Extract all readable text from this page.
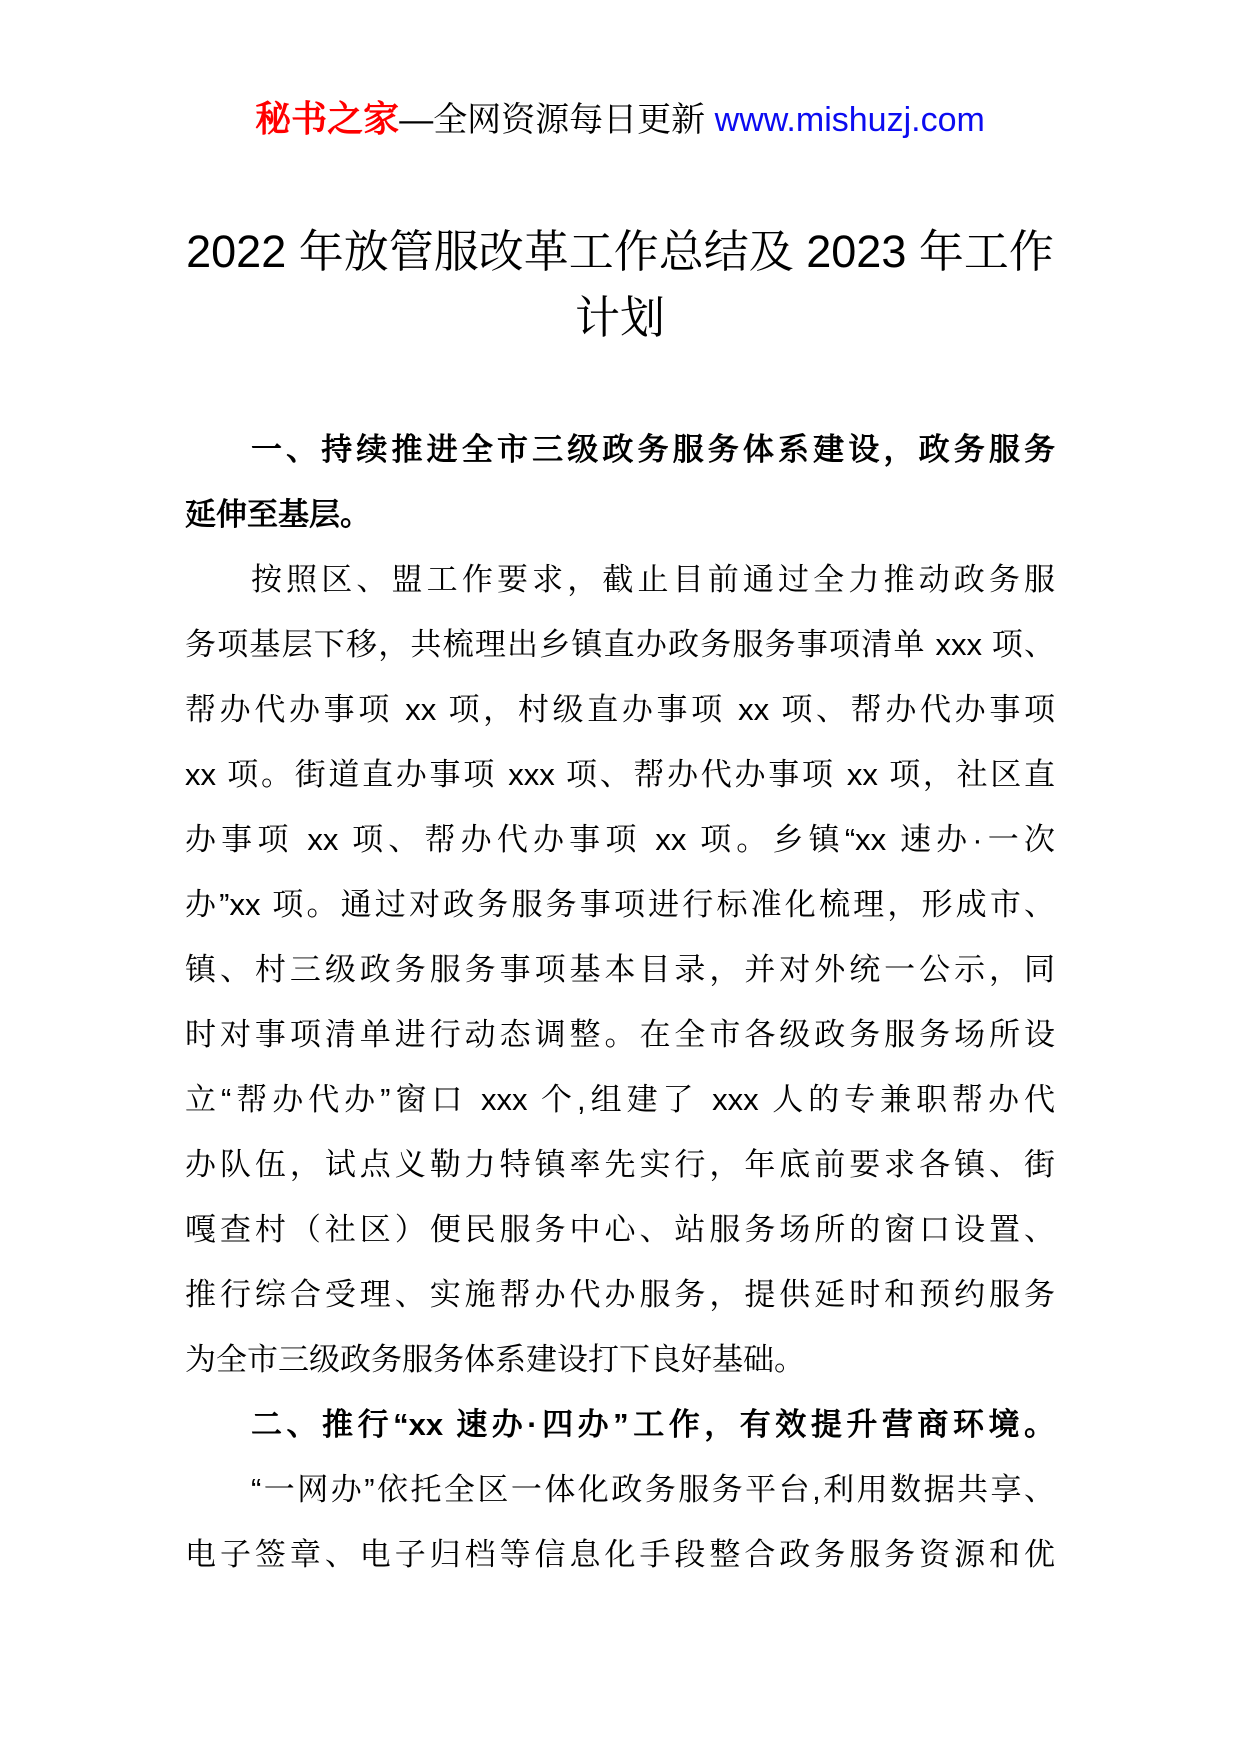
秘书之家—全网资源每日更新 www.mishuzj.com
2022 年放管服改革工作总结及 2023 年工作
计划
一、持续推进全市三级政务服务体系建设，政务服务
延伸至基层。
按照区、盟工作要求，截止目前通过全力推动政务服
务项基层下移，共梳理出乡镇直办政务服务事项清单 xxx 项、
帮办代办事项 xx 项，村级直办事项 xx 项、帮办代办事项
xx 项。街道直办事项 xxx 项、帮办代办事项 xx 项，社区直
办事项 xx 项、帮办代办事项 xx 项。乡镇“xx 速办·一次
办”xx 项。通过对政务服务事项进行标准化梳理，形成市、
镇、村三级政务服务事项基本目录，并对外统一公示，同
时对事项清单进行动态调整。在全市各级政务服务场所设
立“帮办代办”窗口 xxx 个,组建了 xxx 人的专兼职帮办代
办队伍，试点义勒力特镇率先实行，年底前要求各镇、街
嘎查村（社区）便民服务中心、站服务场所的窗口设置、
推行综合受理、实施帮办代办服务，提供延时和预约服务
为全市三级政务服务体系建设打下良好基础。
二、推行“xx 速办·四办”工作，有效提升营商环境。
“一网办”依托全区一体化政务服务平台,利用数据共享、
电子签章、电子归档等信息化手段整合政务服务资源和优
